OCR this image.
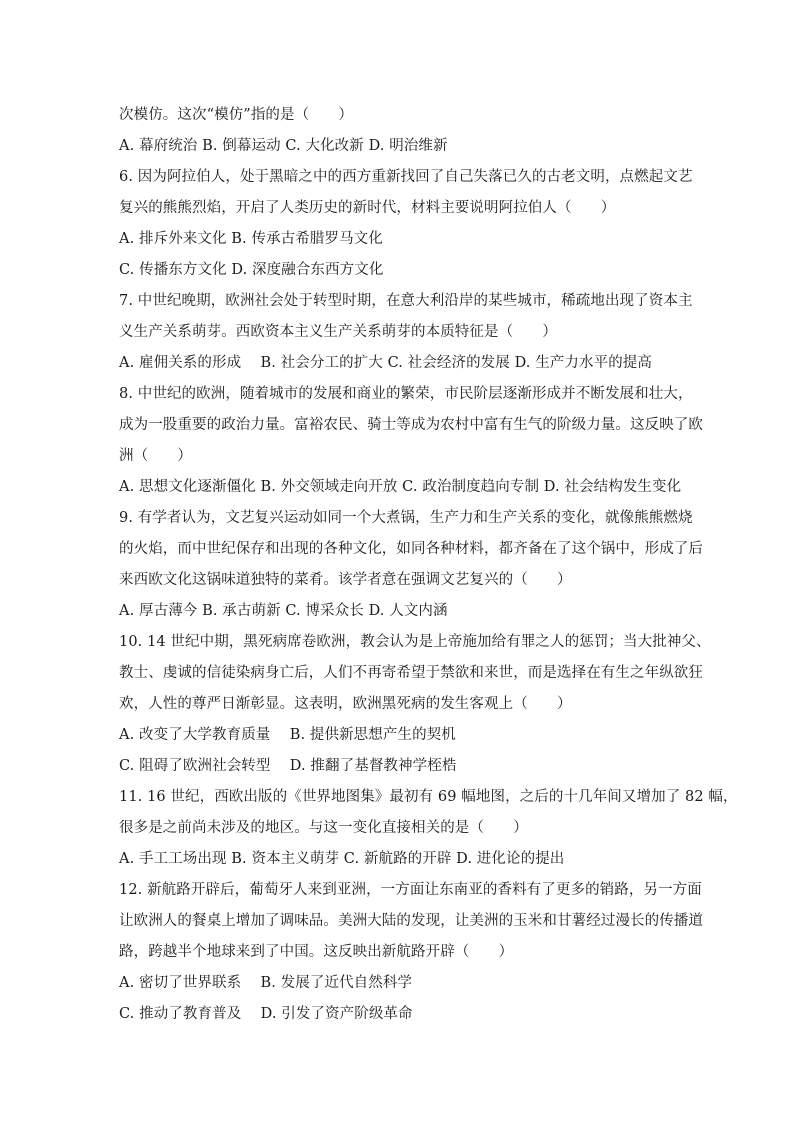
次模仿。这次“模仿”指的是（　　）
A. 幕府统治 B. 倒幕运动 C. 大化改新 D. 明治维新
6. 因为阿拉伯人，处于黑暗之中的西方重新找回了自己失落已久的古老文明，点燃起文艺
复兴的熊熊烈焰，开启了人类历史的新时代，材料主要说明阿拉伯人（　　）
A. 排斥外来文化 B. 传承古希腊罗马文化
C. 传播东方文化 D. 深度融合东西方文化
7. 中世纪晚期，欧洲社会处于转型时期，在意大利沿岸的某些城市，稀疏地出现了资本主
义生产关系萌芽。西欧资本主义生产关系萌芽的本质特征是（　　）
A. 雇佣关系的形成　 B. 社会分工的扩大 C. 社会经济的发展 D. 生产力水平的提高
8. 中世纪的欧洲，随着城市的发展和商业的繁荣，市民阶层逐渐形成并不断发展和壮大，
成为一股重要的政治力量。富裕农民、骑士等成为农村中富有生气的阶级力量。这反映了欧
洲（　　）
A. 思想文化逐渐僵化 B. 外交领域走向开放 C. 政治制度趋向专制 D. 社会结构发生变化
9. 有学者认为，文艺复兴运动如同一个大煮锅，生产力和生产关系的变化，就像熊熊燃烧
的火焰，而中世纪保存和出现的各种文化，如同各种材料，都齐备在了这个锅中，形成了后
来西欧文化这锅味道独特的菜肴。该学者意在强调文艺复兴的（　　）
A. 厚古薄今 B. 承古萌新 C. 博采众长 D. 人文内涵
10. 14 世纪中期，黑死病席卷欧洲，教会认为是上帝施加给有罪之人的惩罚；当大批神父、
教士、虔诚的信徒染病身亡后，人们不再寄希望于禁欲和来世，而是选择在有生之年纵欲狂
欢，人性的尊严日渐彰显。这表明，欧洲黑死病的发生客观上（　　）
A. 改变了大学教育质量　 B. 提供新思想产生的契机
C. 阻碍了欧洲社会转型　 D. 推翻了基督教神学桎梏
11. 16 世纪，西欧出版的《世界地图集》最初有 69 幅地图，之后的十几年间又增加了 82 幅，
很多是之前尚未涉及的地区。与这一变化直接相关的是（　　）
A. 手工工场出现 B. 资本主义萌芽 C. 新航路的开辟 D. 进化论的提出
12. 新航路开辟后，葡萄牙人来到亚洲，一方面让东南亚的香料有了更多的销路，另一方面
让欧洲人的餐桌上增加了调味品。美洲大陆的发现，让美洲的玉米和甘薯经过漫长的传播道
路，跨越半个地球来到了中国。这反映出新航路开辟（　　）
A. 密切了世界联系　 B. 发展了近代自然科学
C. 推动了教育普及　 D. 引发了资产阶级革命
